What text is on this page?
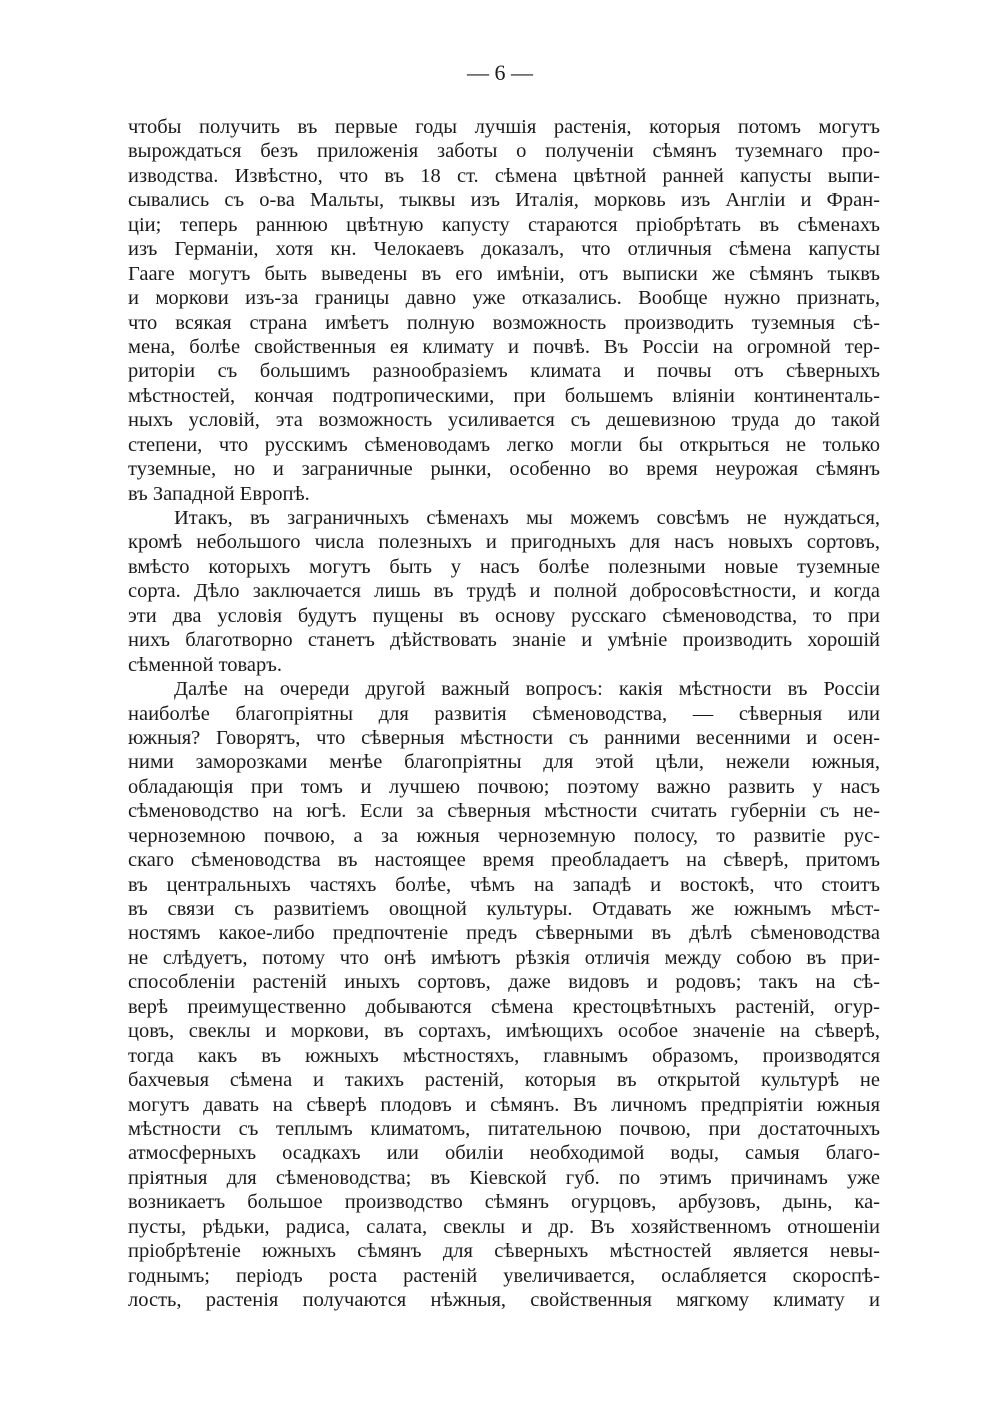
— 6 —
чтобы получить въ первые годы лучшія растенія, которыя потомъ могутъ
вырождаться безъ приложенія заботы о полученіи сѣмянъ туземнаго про-
изводства. Извѣстно, что въ 18 ст. сѣмена цвѣтной ранней капусты выпи-
сывались съ о-ва Мальты, тыквы изъ Италія, морковь изъ Англіи и Фран-
ціи; теперь раннюю цвѣтную капусту стараются пріобрѣтать въ сѣменахъ
изъ Германіи, хотя кн. Челокаевъ доказалъ, что отличныя сѣмена капусты
Гааге могутъ быть выведены въ его имѣніи, отъ выписки же сѣмянъ тыквъ
и моркови изъ-за границы давно уже отказались. Вообще нужно признать,
что всякая страна имѣетъ полную возможность производить туземныя сѣ-
мена, болѣе свойственныя ея климату и почвѣ. Въ Россіи на огромной тер-
риторіи съ большимъ разнообразіемъ климата и почвы отъ сѣверныхъ
мѣстностей, кончая подтропическими, при большемъ вліяніи континенталь-
ныхъ условій, эта возможность усиливается съ дешевизною труда до такой
степени, что русскимъ сѣменоводамъ легко могли бы открыться не только
туземные, но и заграничные рынки, особенно во время неурожая сѣмянъ
въ Западной Европѣ.
Итакъ, въ заграничныхъ сѣменахъ мы можемъ совсѣмъ не нуждаться,
кромѣ небольшого числа полезныхъ и пригодныхъ для насъ новыхъ сортовъ,
вмѣсто которыхъ могутъ быть у насъ болѣе полезными новые туземные
сорта. Дѣло заключается лишь въ трудѣ и полной добросовѣстности, и когда
эти два условія будутъ пущены въ основу русскаго сѣменоводства, то при
нихъ благотворно станетъ дѣйствовать знаніе и умѣніе производить хорошій
сѣменной товаръ.
Далѣе на очереди другой важный вопросъ: какія мѣстности въ Россіи
наиболѣе благопріятны для развитія сѣменоводства, — сѣверныя или
южныя? Говорятъ, что сѣверныя мѣстности съ ранними весенними и осен-
ними заморозками менѣе благопріятны для этой цѣли, нежели южныя,
обладающія при томъ и лучшею почвою; поэтому важно развить у насъ
сѣменоводство на югѣ. Если за сѣверныя мѣстности считать губерніи съ не-
черноземною почвою, а за южныя черноземную полосу, то развитіе рус-
скаго сѣменоводства въ настоящее время преобладаетъ на сѣверѣ, притомъ
въ центральныхъ частяхъ болѣе, чѣмъ на западѣ и востокѣ, что стоитъ
въ связи съ развитіемъ овощной культуры. Отдавать же южнымъ мѣст-
ностямъ какое-либо предпочтеніе предъ сѣверными въ дѣлѣ сѣменоводства
не слѣдуетъ, потому что онѣ имѣютъ рѣзкія отличія между собою въ при-
способленіи растеній иныхъ сортовъ, даже видовъ и родовъ; такъ на сѣ-
верѣ преимущественно добываются сѣмена крестоцвѣтныхъ растеній, огур-
цовъ, свеклы и моркови, въ сортахъ, имѣющихъ особое значеніе на сѣверѣ,
тогда какъ въ южныхъ мѣстностяхъ, главнымъ образомъ, производятся
бахчевыя сѣмена и такихъ растеній, которыя въ открытой культурѣ не
могутъ давать на сѣверѣ плодовъ и сѣмянъ. Въ личномъ предпріятіи южныя
мѣстности съ теплымъ климатомъ, питательною почвою, при достаточныхъ
атмосферныхъ осадкахъ или обиліи необходимой воды, самыя благо-
пріятныя для сѣменоводства; въ Кіевской губ. по этимъ причинамъ уже
возникаетъ большое производство сѣмянъ огурцовъ, арбузовъ, дынь, ка-
пусты, рѣдьки, радиса, салата, свеклы и др. Въ хозяйственномъ отношеніи
пріобрѣтеніе южныхъ сѣмянъ для сѣверныхъ мѣстностей является невы-
годнымъ; періодъ роста растеній увеличивается, ослабляется скороспѣ-
лость, растенія получаются нѣжныя, свойственныя мягкому климату и
